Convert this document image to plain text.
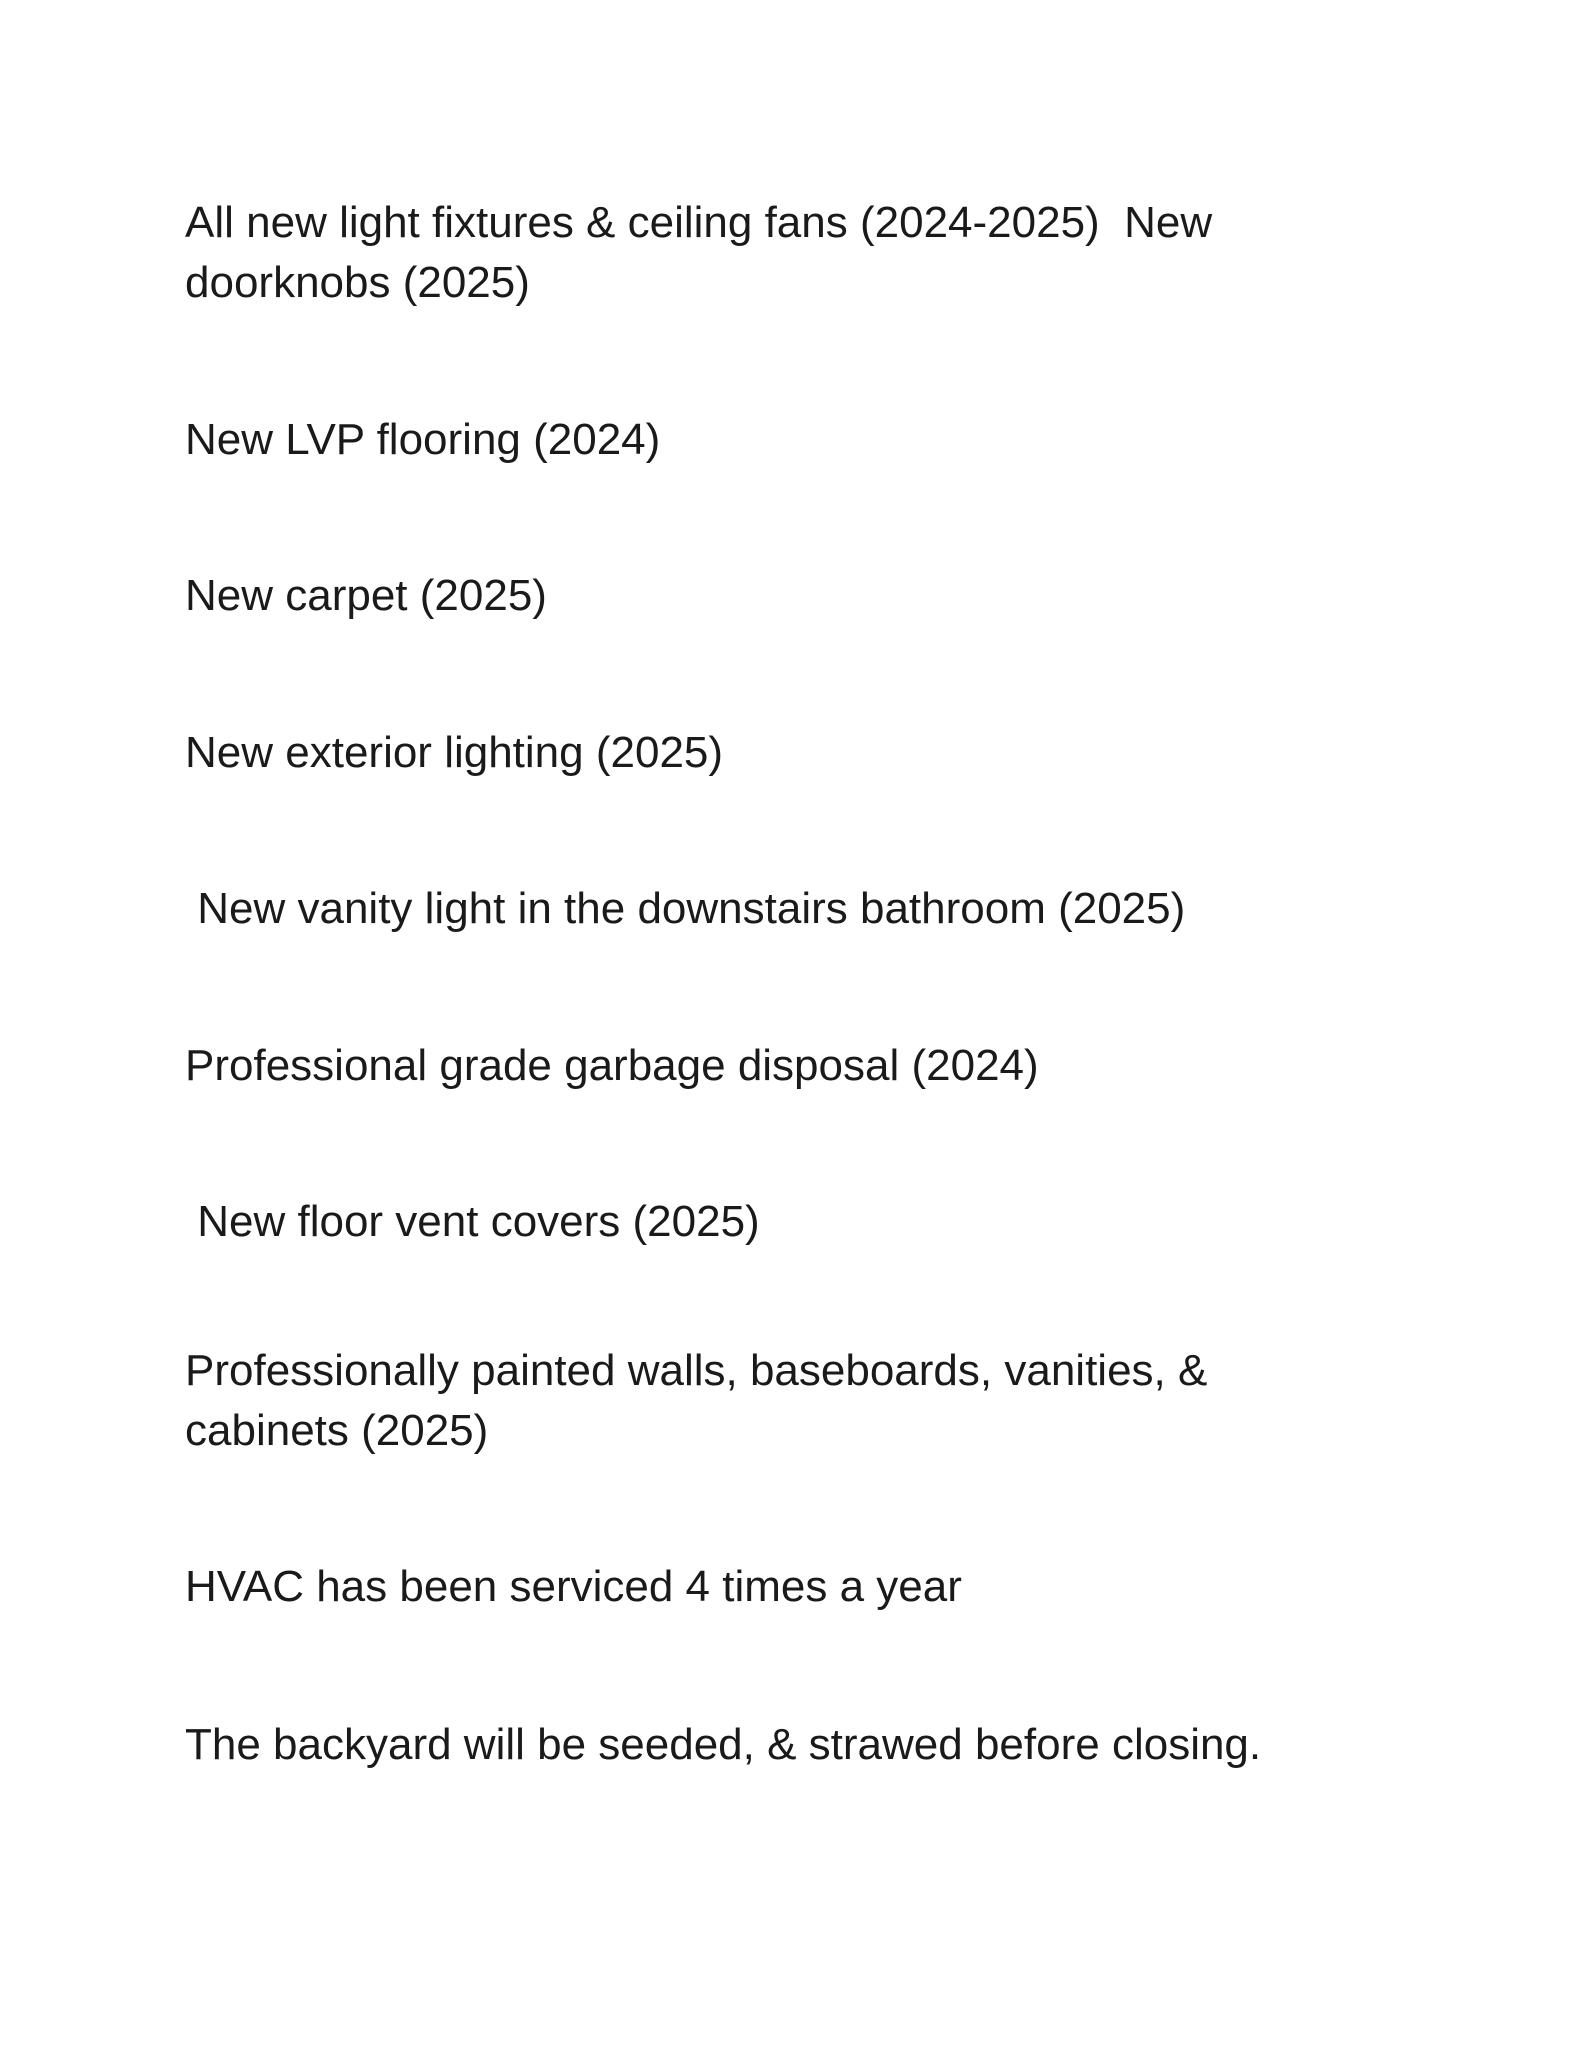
All new light fixtures & ceiling fans (2024-2025)  New doorknobs (2025)

New LVP flooring (2024)

New carpet (2025)

New exterior lighting (2025)

New vanity light in the downstairs bathroom (2025)

Professional grade garbage disposal (2024)

New floor vent covers (2025)

Professionally painted walls, baseboards, vanities, & cabinets (2025)

HVAC has been serviced 4 times a year

The backyard will be seeded, & strawed before closing.
